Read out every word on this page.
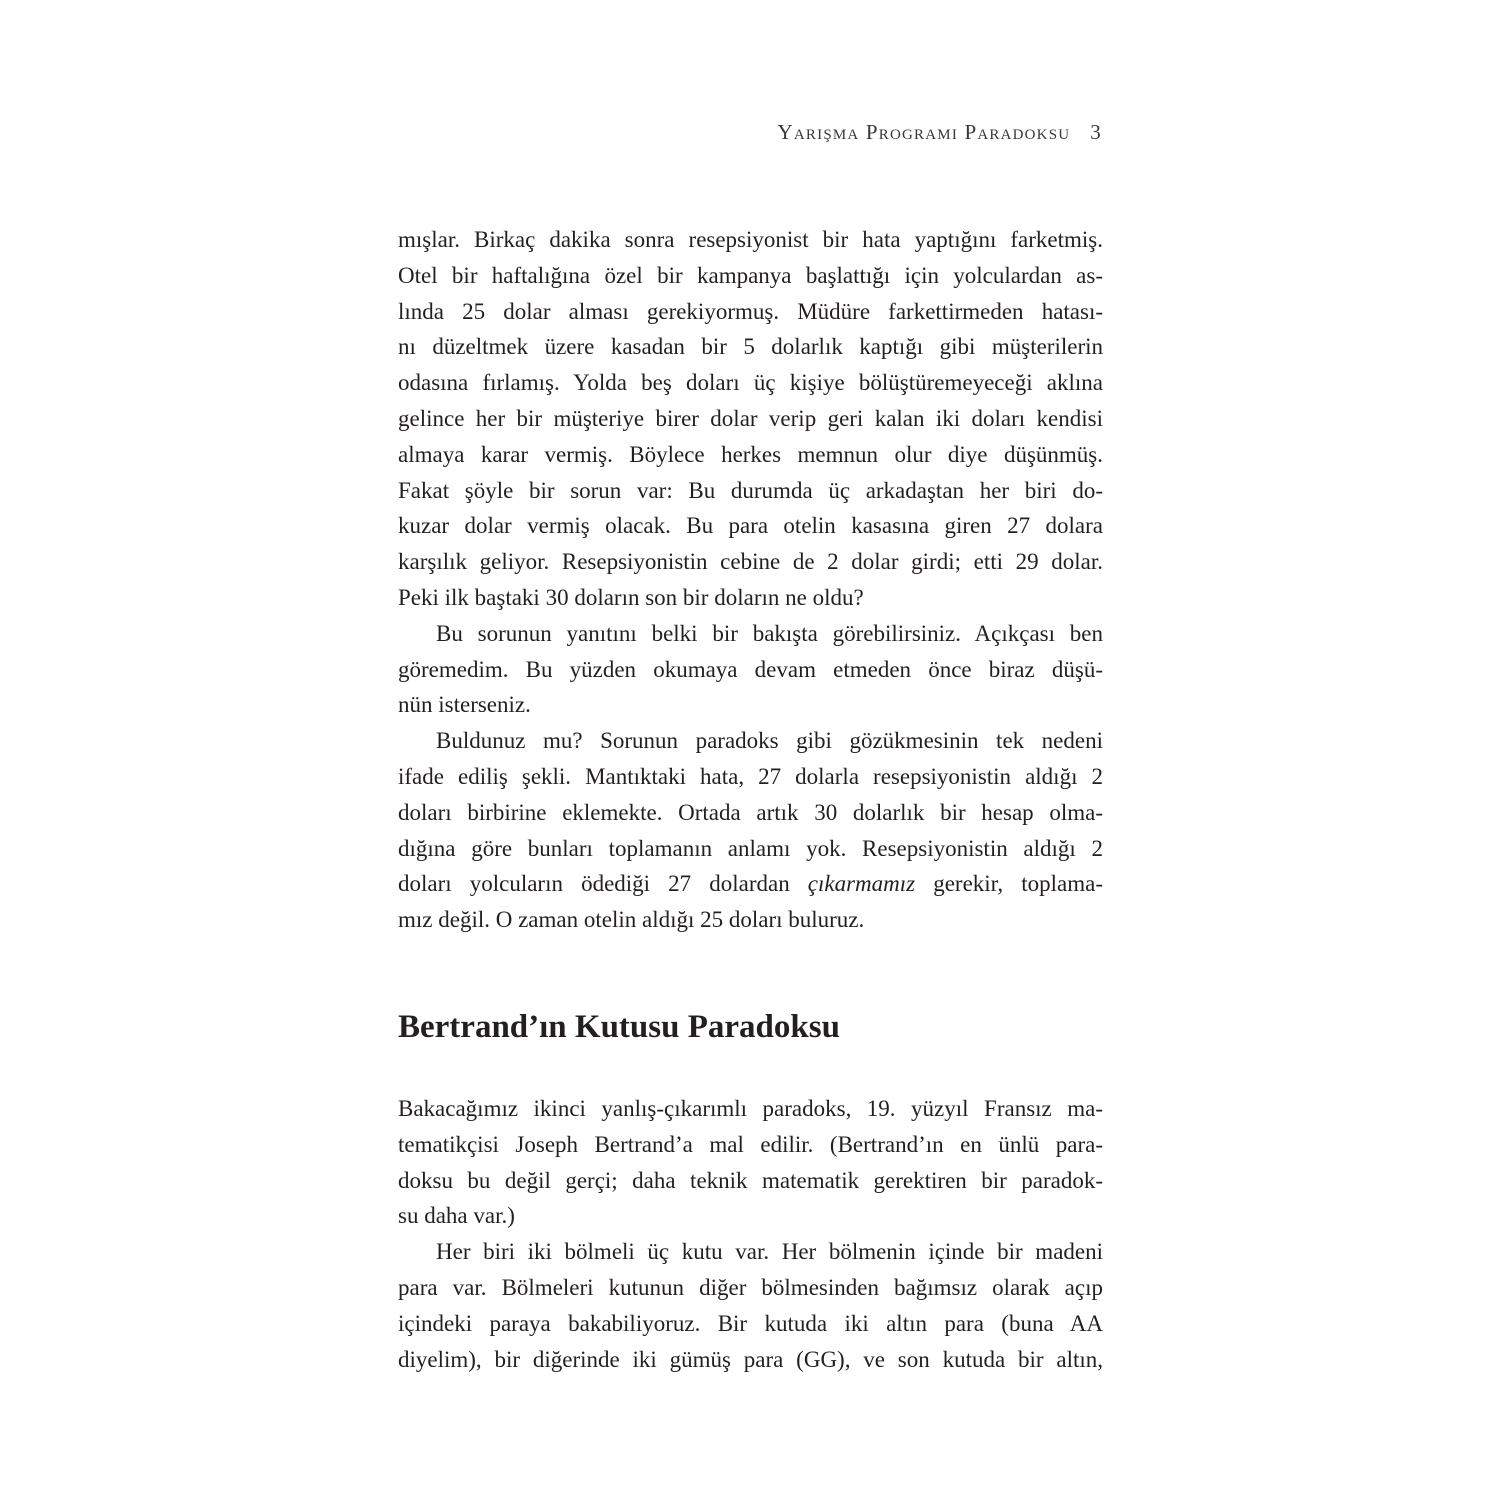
Yarışma Programı Paradoksu 3
mışlar. Birkaç dakika sonra resepsiyonist bir hata yaptığını farketmiş.
Otel bir haftalığına özel bir kampanya başlattığı için yolculardan as-
lında 25 dolar alması gerekiyormuş. Müdüre farkettirmeden hatası-
nı düzeltmek üzere kasadan bir 5 dolarlık kaptığı gibi müşterilerin
odasına fırlamış. Yolda beş doları üç kişiye bölüştüremeyeceği aklına
gelince her bir müşteriye birer dolar verip geri kalan iki doları kendisi
almaya karar vermiş. Böylece herkes memnun olur diye düşünmüş.
Fakat şöyle bir sorun var: Bu durumda üç arkadaştan her biri do-
kuzar dolar vermiş olacak. Bu para otelin kasasına giren 27 dolara
karşılık geliyor. Resepsiyonistin cebine de 2 dolar girdi; etti 29 dolar.
Peki ilk baştaki 30 doların son bir doların ne oldu?
Bu sorunun yanıtını belki bir bakışta görebilirsiniz. Açıkçası ben
göremedim. Bu yüzden okumaya devam etmeden önce biraz düşü-
nün isterseniz.
Buldunuz mu? Sorunun paradoks gibi gözükmesinin tek nedeni
ifade ediliş şekli. Mantıktaki hata, 27 dolarla resepsiyonistin aldığı 2
doları birbirine eklemekte. Ortada artık 30 dolarlık bir hesap olma-
dığına göre bunları toplamanın anlamı yok. Resepsiyonistin aldığı 2
doları yolcuların ödediği 27 dolardan çıkarmamız gerekir, toplama-
mız değil. O zaman otelin aldığı 25 doları buluruz.
Bertrand’ın Kutusu Paradoksu
Bakacağımız ikinci yanlış-çıkarımlı paradoks, 19. yüzyıl Fransız ma-
tematikçisi Joseph Bertrand’a mal edilir. (Bertrand’ın en ünlü para-
doksu bu değil gerçi; daha teknik matematik gerektiren bir paradok-
su daha var.)
Her biri iki bölmeli üç kutu var. Her bölmenin içinde bir madeni
para var. Bölmeleri kutunun diğer bölmesinden bağımsız olarak açıp
içindeki paraya bakabiliyoruz. Bir kutuda iki altın para (buna AA
diyelim), bir diğerinde iki gümüş para (GG), ve son kutuda bir altın,
